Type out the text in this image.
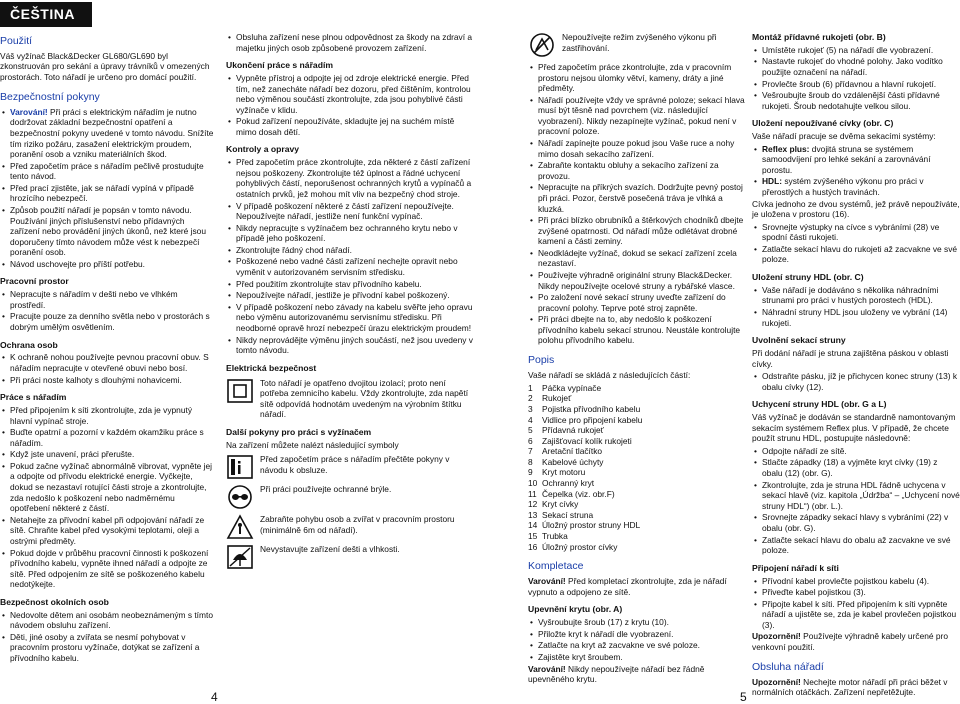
ČEŠTINA
Použití

Váš vyžínač Black&Decker GL680/GL690 byl zkonstruován pro sekání a úpravy trávníků v omezených prostorách. Toto nářadí je určeno pro domácí použití.

Bezpečnostní pokyny
• Varování! Při práci s elektrickým nářadím je nutno dodržovat základní bezpečnostní opatření a bezpečnostní pokyny uvedené v tomto návodu. Snížíte tím riziko požáru, zasažení elektrickým proudem, poranění osob a vzniku materiálních škod.
• Před započetím práce s nářadím pečlivě prostudujte tento návod.
• Před prací zjistěte, jak se nářadí vypíná v případě hrozícího nebezpečí.
• Způsob použití nářadí je popsán v tomto návodu. Používání jiných příslušenství nebo přídavných zařízení nebo provádění jiných úkonů, než které jsou doporučeny tímto návodem může vést k nebezpečí poranění osob.
• Návod uschovejte pro příští potřebu.
Pracovní prostor
• Nepracujte s nářadím v dešti nebo ve vlhkém prostředí.
• Pracujte pouze za denního světla nebo v prostorách s dobrým umělým osvětlením.
Ochrana osob
• K ochraně nohou používejte pevnou pracovní obuv. S nářadím nepracujte v otevřené obuvi nebo bosí.
• Při práci noste kalhoty s dlouhými nohavicemi.
Práce s nářadím
• Před připojením k síti zkontrolujte, zda je vypnutý hlavní vypínač stroje.
• Buďte opatrní a pozorní v každém okamžiku práce s nářadím.
• Když jste unavení, práci přerušte.
• Pokud začne vyžínač abnormálně vibrovat, vypněte jej a odpojte od přívodu elektrické energie. Vyčkejte, dokud se nezastaví rotující části stroje a zkontrolujte, zda nedošlo k poškození nebo nadměrnému opotřebení některé z částí.
• Netahejte za přívodní kabel při odpojování nářadí ze sítě. Chraňte kabel před vysokými teplotami, oleji a ostrými předměty.
• Pokud dojde v průběhu pracovní činnosti k poškození přívodního kabelu, vypněte ihned nářadí a odpojte ze sítě. Před odpojením ze sítě se poškozeného kabelu nedotýkejte.
Bezpečnost okolních osob
• Nedovolte dětem ani osobám neobeznámeným s tímto návodem obsluhu zařízení.
• Děti, jiné osoby a zvířata se nesmí pohybovat v pracovním prostoru vyžínače, dotýkat se zařízení a přívodního kabelu.
• Obsluha zařízení nese plnou odpovědnost za škody na zdraví a majetku jiných osob způsobené provozem zařízení.
Ukončení práce s nářadím
• Vypněte přístroj a odpojte jej od zdroje elektrické energie. Před tím, než zanecháte nářadí bez dozoru, před čištěním, kontrolou nebo výměnou součástí zkontrolujte, zda jsou pohyblivé části vyžínače v klidu.
• Pokud zařízení nepoužíváte, skladujte jej na suchém místě mimo dosah dětí.
Kontroly a opravy
• Před započetím práce zkontrolujte, zda některé z částí zařízení nejsou poškozeny. Zkontrolujte též úplnost a řádné uchycení pohyblivých částí, neporušenost ochranných krytů a vypínačů a ostatních prvků, jež mohou mít vliv na bezpečný chod stroje.
• V případě poškození některé z částí zařízení nepoužívejte. Nepoužívejte nářadí, jestliže není funkční vypínač.
• Nikdy nepracujte s vyžínačem bez ochranného krytu nebo v případě jeho poškození.
• Zkontrolujte řádný chod nářadí.
• Poškozené nebo vadné části zařízení nechejte opravit nebo vyměnit v autorizovaném servisním středisku.
• Před použitím zkontrolujte stav přívodního kabelu.
• Nepoužívejte nářadí, jestliže je přívodní kabel poškozený.
• V případě poškození nebo závady na kabelu svěřte jeho opravu nebo výměnu autorizovanému servisnímu středisku. Při neodborné opravě hrozí nebezpečí úrazu elektrickým proudem!
• Nikdy neprovádějte výměnu jiných součástí, než jsou uvedeny v tomto návodu.
Elektrická bezpečnost
Toto nářadí je opatřeno dvojitou izolací; proto není potřeba zemnicího kabelu. Vždy zkontrolujte, zda napětí sítě odpovídá hodnotám uvedeným na výrobním štítku nářadí.
Další pokyny pro práci s vyžínačem

Na zařízení můžete nalézt následující symboly

Před započetím práce s nářadím přečtěte pokyny v návodu k obsluze.
Při práci používejte ochranné brýle.
Zabraňte pohybu osob a zvířat v pracovním prostoru (minimálně 6m od nářadí).
Nevystavujte zařízení dešti a vlhkosti.
Nepoužívejte režim zvýšeného výkonu při zastřihování.
• Před započetím práce zkontrolujte, zda v pracovním prostoru nejsou úlomky větví, kameny, dráty a jiné předměty.
• Nářadí používejte vždy ve správné poloze; sekací hlava musí být těsně nad povrchem (viz. následující vyobrazení). Nikdy nezapínejte vyžínač, pokud není v pracovní poloze.
• Nářadí zapínejte pouze pokud jsou Vaše ruce a nohy mimo dosah sekacího zařízení.
• Zabraňte kontaktu obluhy a sekacího zařízení za provozu.
• Nepracujte na příkrých svazích. Dodržujte pevný postoj při práci. Pozor, čerstvě posečená tráva je vlhká a kluzká.
• Při práci blízko obrubníků a štěrkových chodníků dbejte zvýšené opatrnosti. Od nářadí může odlétávat drobné kamení a části zeminy.
• Neodkládejte vyžínač, dokud se sekací zařízení zcela nezastaví.
• Používejte výhradně originální struny Black&Decker. Nikdy nepoužívejte ocelové struny a rybářské vlasce.
• Po založení nové sekací struny uveďte zařízení do pracovní polohy. Teprve poté stroj zapněte.
• Při práci dbejte na to, aby nedošlo k poškození přívodního kabelu sekací strunou. Neustále kontrolujte polohu přívodního kabelu.
Popis

Vaše nářadí se skládá z následujících částí:

1	Páčka vypínače
2	Rukojeť
3	Pojistka přívodního kabelu
4	Vidlice pro připojení kabelu
5	Přídavná rukojeť
6	Zajišťovací kolík rukojeti
7	Aretační tlačítko
8	Kabelové úchyty
9	Kryt motoru
10 Ochranný kryt
11 Čepelka (viz. obr.F)
12 Kryt cívky
13 Sekací struna
14 Úložný prostor struny HDL
15 Trubka
16 Úložný prostor cívky
Kompletace

Varování! Před kompletací zkontrolujte, zda je nářadí vypnuto a odpojeno ze sítě.

Upevnění krytu (obr. A)
• Vyšroubujte šroub (17) z krytu (10).
• Přiložte kryt k nářadí dle vyobrazení.
• Zatlačte na kryt až zacvakne ve své poloze.
• Zajistěte kryt šroubem.

Varování! Nikdy nepoužívejte nářadí bez řádně upevněného krytu.

Montáž přídavné rukojeti (obr. B)
• Umístěte rukojeť (5) na nářadí dle vyobrazení.
• Nastavte rukojeť do vhodné polohy. Jako vodítko použijte označení na nářadí.
• Provlečte šroub (6) přídavnou a hlavní rukojetí.
• Vešroubujte šroub do vzdálenější části přídavné rukojeti. Šroub nedotahujte velkou silou.
Uložení nepoužívané cívky (obr. C)

Vaše nářadí pracuje se dvěma sekacími systémy:

• Reflex plus: dvojitá struna se systémem samoodvíjení pro lehké sekání a zarovnávání porostu.
• HDL: systém zvýšeného výkonu pro práci v přerostlých a hustých travinách.

Cívka jednoho ze dvou systémů, jež právě nepoužíváte, je uložena v prostoru (16).

• Srovnejte výstupky na cívce s vybráními (28) ve spodní části rukojeti.
• Zatlačte sekací hlavu do rukojeti až zacvakne ve své poloze.
Uložení struny HDL (obr. C)
• Vaše nářadí je dodáváno s několika náhradními strunami pro práci v hustých porostech (HDL).
• Náhradní struny HDL jsou uloženy ve vybrání (14) rukojeti.
Uvolnění sekací struny

Při dodání nářadí je struna zajištěna páskou v oblasti cívky.

• Odstraňte pásku, jíž je přichycen konec struny (13) k obalu cívky (12).
Uchycení struny HDL (obr. G a L)

Váš vyžínač je dodáván se standardně namontovaným sekacím systémem Reflex plus. V případě, že chcete použít strunu HDL, postupujte následovně:

• Odpojte nářadí ze sítě.
• Stlačte západky (18) a vyjměte kryt cívky (19) z obalu (12) (obr. G).
• Zkontrolujte, zda je struna HDL řádně uchycena v sekací hlavě (viz. kapitola „Údržba“ – „Uchycení nové struny HDL“) (obr. L.).
• Srovnejte západky sekací hlavy s vybráními (22) v obalu (obr. G).
• Zatlačte sekací hlavu do obalu až zacvakne ve své poloze.
Připojení nářadí k síti
• Přívodní kabel provlečte pojistkou kabelu (4).
• Přiveďte kabel pojistkou (3).
• Připojte kabel k síti. Před připojením k síti vypněte nářadí a ujistěte se, zda je kabel provlečen pojistkou (3).

Upozornění! Používejte výhradně kabely určené pro venkovní použití.

Obsluha nářadí

Upozornění! Nechejte motor nářadí při práci běžet v normálních otáčkách. Zařízení nepřetěžujte.

4	5
